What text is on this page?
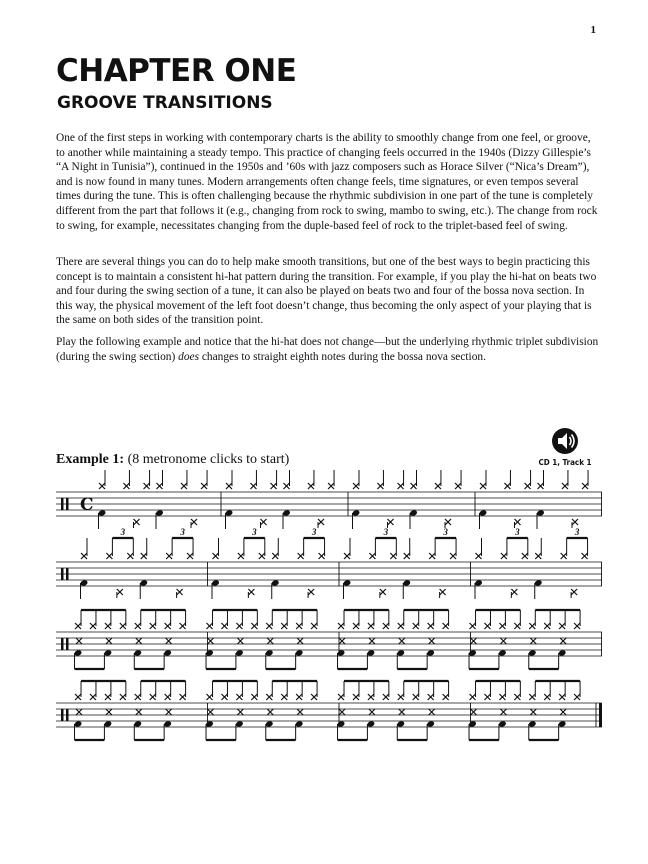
1
CHAPTER ONE
GROOVE TRANSITIONS

One of the first steps in working with contemporary charts is the ability to smoothly change from one feel, or groove, to another while maintaining a steady tempo. This practice of changing feels occurred in the 1940s (Dizzy Gillespie’s “A Night in Tunisia”), continued in the 1950s and ’60s with jazz composers such as Horace Silver (“Nica’s Dream”), and is now found in many tunes. Modern arrangements often change feels, time signatures, or even tempos several times during the tune. This is often challenging because the rhythmic subdivision in one part of the tune is completely different from the part that follows it (e.g., changing from rock to swing, mambo to swing, etc.). The change from rock to swing, for example, necessitates changing from the duple-based feel of rock to the triplet-based feel of swing.

There are several things you can do to help make smooth transitions, but one of the best ways to begin practicing this concept is to maintain a consistent hi-hat pattern during the transition. For example, if you play the hi-hat on beats two and four during the swing section of a tune, it can also be played on beats two and four of the bossa nova section. In this way, the physical movement of the left foot doesn’t change, thus becoming the only aspect of your playing that is the same on both sides of the transition point.

Play the following example and notice that the hi-hat does not change—but the underlying rhythmic triplet subdivision (during the swing section) does changes to straight eighth notes during the bossa nova section.

Example 1: (8 metronome clicks to start)	CD 1, Track 1
C
3	3	3	3	3	3	3	3
